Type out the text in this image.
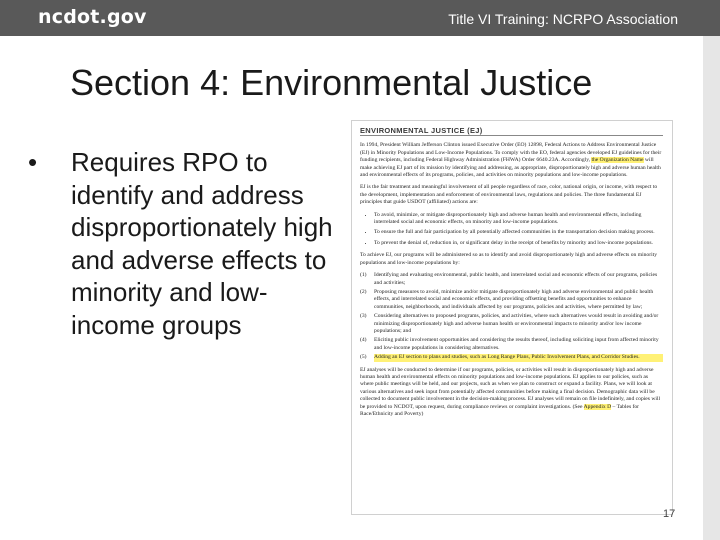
ncdot.gov	Title VI Training: NCRPO Association
Section 4: Environmental Justice
•	Requires RPO to identify and address disproportionately high and adverse effects to minority and low-income groups
ENVIRONMENTAL JUSTICE (EJ)

In 1994, President William Jefferson Clinton issued Executive Order (EO) 12898, Federal Actions to Address Environmental Justice (EJ) in Minority Populations and Low-Income Populations. To comply with the EO, federal agencies developed EJ guidelines for their funding recipients, including Federal Highway Administration (FHWA) Order 6640.23A. Accordingly, the Organization Name will make achieving EJ part of its mission by identifying and addressing, as appropriate, disproportionately high and adverse human health and environmental effects of its programs, policies, and activities on minority populations and low-income populations.

EJ is the fair treatment and meaningful involvement of all people regardless of race, color, national origin, or income, with respect to the development, implementation and enforcement of environmental laws, regulations and policies. The three fundamental EJ principles that guide USDOT (affiliated) actions are:

• To avoid, minimize, or mitigate disproportionately high and adverse human health and environmental effects, including interrelated social and economic effects, on minority and low-income populations.
• To ensure the full and fair participation by all potentially affected communities in the transportation decision making process.
• To prevent the denial of, reduction in, or significant delay in the receipt of benefits by minority and low-income populations.

To achieve EJ, our programs will be administered so as to identify and avoid disproportionately high and adverse effects on minority populations and low-income populations by:

(1)	Identifying and evaluating environmental, public health, and interrelated social and economic effects of our programs, policies and activities;
(2)	Proposing measures to avoid, minimize and/or mitigate disproportionately high and adverse environmental and public health effects, and interrelated social and economic effects, and providing offsetting benefits and opportunities to enhance communities, neighborhoods, and individuals affected by our programs, policies and activities, where permitted by law;
(3)	Considering alternatives to proposed programs, policies, and activities, where such alternatives would result in avoiding and/or minimizing disproportionately high and adverse human health or environmental impacts to minority and/or low income populations; and
(4)	Eliciting public involvement opportunities and considering the results thereof, including soliciting input from affected minority and low-income populations in considering alternatives.
(5)	Adding an EJ section to plans and studies, such as Long Range Plans, Public Involvement Plans, and Corridor Studies.

EJ analyses will be conducted to determine if our programs, policies, or activities will result in disproportionately high and adverse human health and environmental effects on minority populations and low-income populations. EJ applies to our policies, such as where public meetings will be held, and our projects, such as when we plan to construct or expand a facility. Plans, we will look at various alternatives and seek input from potentially affected communities before making a final decision. Demographic data will be collected to document public involvement in the decision-making process. EJ analyses will remain on file indefinitely, and copies will be provided to NCDOT, upon request, during compliance reviews or complaint investigations. (See Appendix D – Tables for Race/Ethnicity and Poverty)

17
